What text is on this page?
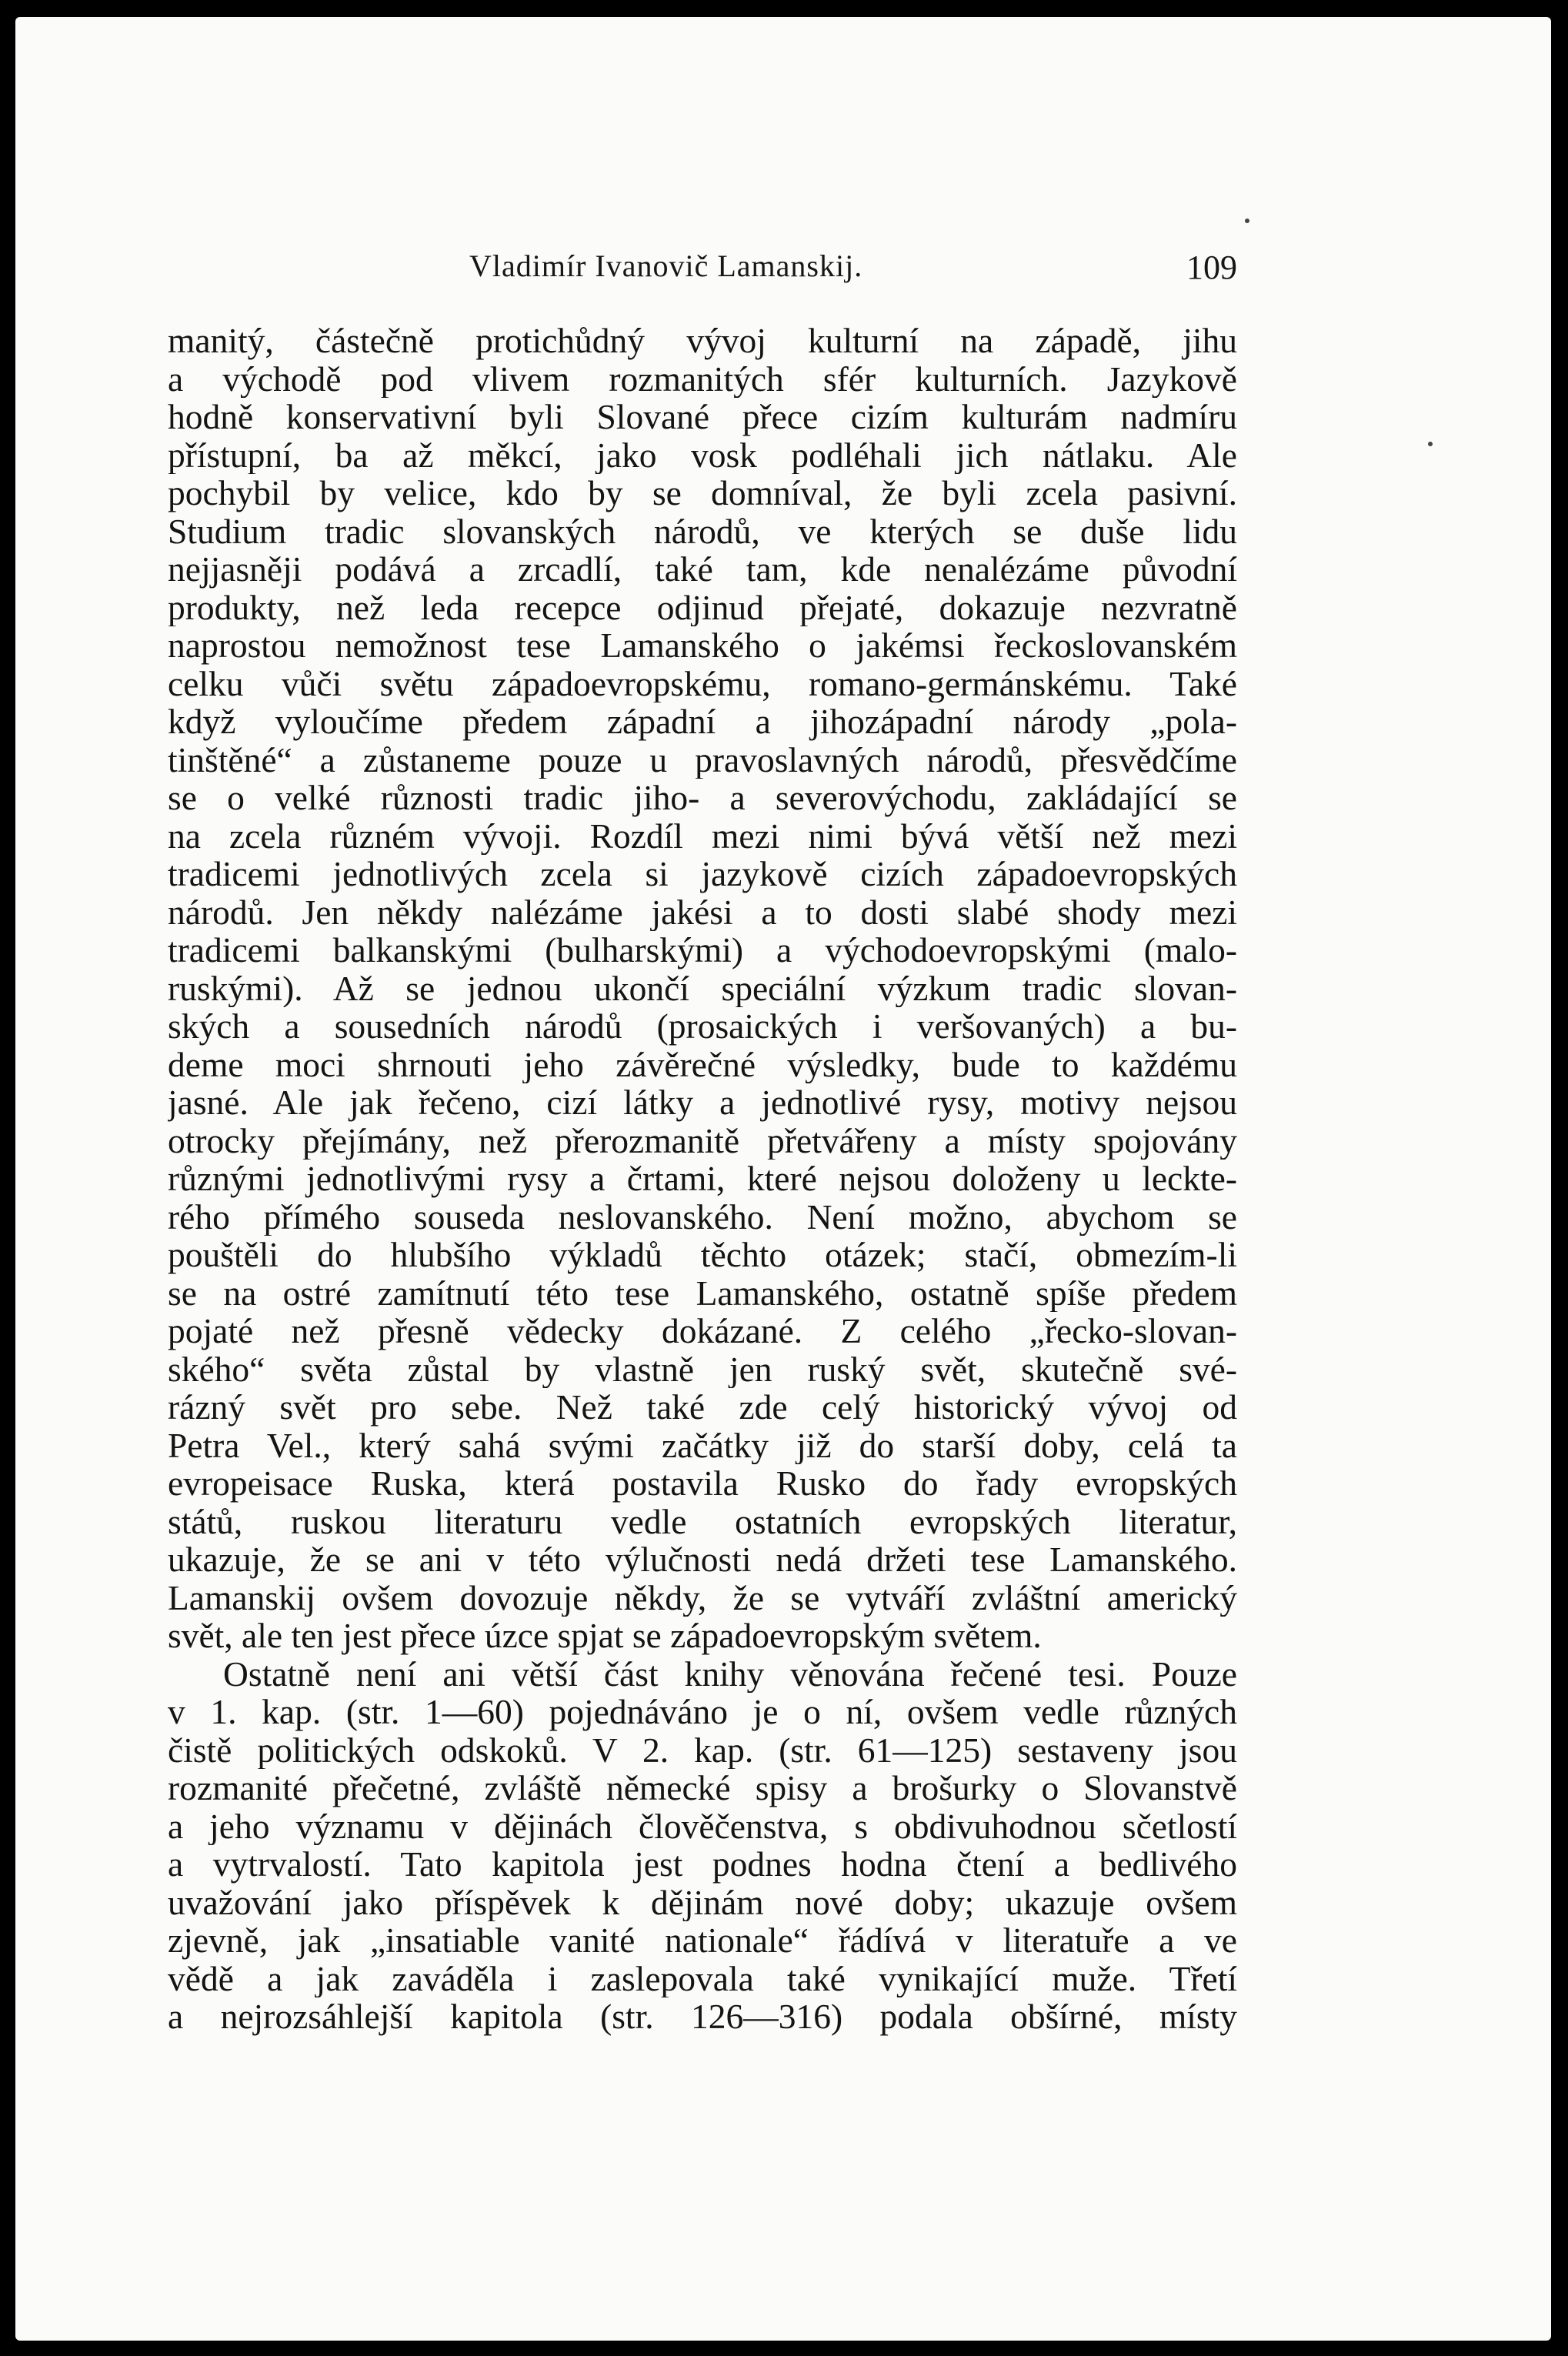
Vladimír Ivanovič Lamanskij.	109
manitý, částečně protichůdný vývoj kulturní na západě, jihu
a východě pod vlivem rozmanitých sfér kulturních. Jazykově
hodně konservativní byli Slované přece cizím kulturám nadmíru
přístupní, ba až měkcí, jako vosk podléhali jich nátlaku. Ale
pochybil by velice, kdo by se domníval, že byli zcela pasivní.
Studium tradic slovanských národů, ve kterých se duše lidu
nejjasněji podává a zrcadlí, také tam, kde nenalézáme původní
produkty, než leda recepce odjinud přejaté, dokazuje nezvratně
naprostou nemožnost tese Lamanského o jakémsi řeckoslovanském
celku vůči světu západoevropskému, romano-germánskému. Také
když vyloučíme předem západní a jihozápadní národy „pola-
tinštěné“ a zůstaneme pouze u pravoslavných národů, přesvědčíme
se o velké různosti tradic jiho- a severovýchodu, zakládající se
na zcela různém vývoji. Rozdíl mezi nimi bývá větší než mezi
tradicemi jednotlivých zcela si jazykově cizích západoevropských
národů. Jen někdy nalézáme jakési a to dosti slabé shody mezi
tradicemi balkanskými (bulharskými) a východoevropskými (malo-
ruskými). Až se jednou ukončí speciální výzkum tradic slovan-
ských a sousedních národů (prosaických i veršovaných) a bu-
deme moci shrnouti jeho závěrečné výsledky, bude to každému
jasné. Ale jak řečeno, cizí látky a jednotlivé rysy, motivy nejsou
otrocky přejímány, než přerozmanitě přetvářeny a místy spojovány
různými jednotlivými rysy a črtami, které nejsou doloženy u leckte-
rého přímého souseda neslovanského. Není možno, abychom se
pouštěli do hlubšího výkladů těchto otázek; stačí, obmezím-li
se na ostré zamítnutí této tese Lamanského, ostatně spíše předem
pojaté než přesně vědecky dokázané. Z celého „řecko-slovan-
ského“ světa zůstal by vlastně jen ruský svět, skutečně své-
rázný svět pro sebe. Než také zde celý historický vývoj od
Petra Vel., který sahá svými začátky již do starší doby, celá ta
evropeisace Ruska, která postavila Rusko do řady evropských
států, ruskou literaturu vedle ostatních evropských literatur,
ukazuje, že se ani v této výlučnosti nedá držeti tese Lamanského.
Lamanskij ovšem dovozuje někdy, že se vytváří zvláštní americký
svět, ale ten jest přece úzce spjat se západoevropským světem.
Ostatně není ani větší část knihy věnována řečené tesi. Pouze
v 1. kap. (str. 1—60) pojednáváno je o ní, ovšem vedle různých
čistě politických odskoků. V 2. kap. (str. 61—125) sestaveny jsou
rozmanité přečetné, zvláště německé spisy a brošurky o Slovanstvě
a jeho významu v dějinách člověčenstva, s obdivuhodnou sčetlostí
a vytrvalostí. Tato kapitola jest podnes hodna čtení a bedlivého
uvažování jako příspěvek k dějinám nové doby; ukazuje ovšem
zjevně, jak „insatiable vanité nationale“ řádívá v literatuře a ve
vědě a jak zaváděla i zaslepovala také vynikající muže. Třetí
a nejrozsáhlejší kapitola (str. 126—316) podala obšírné, místy
